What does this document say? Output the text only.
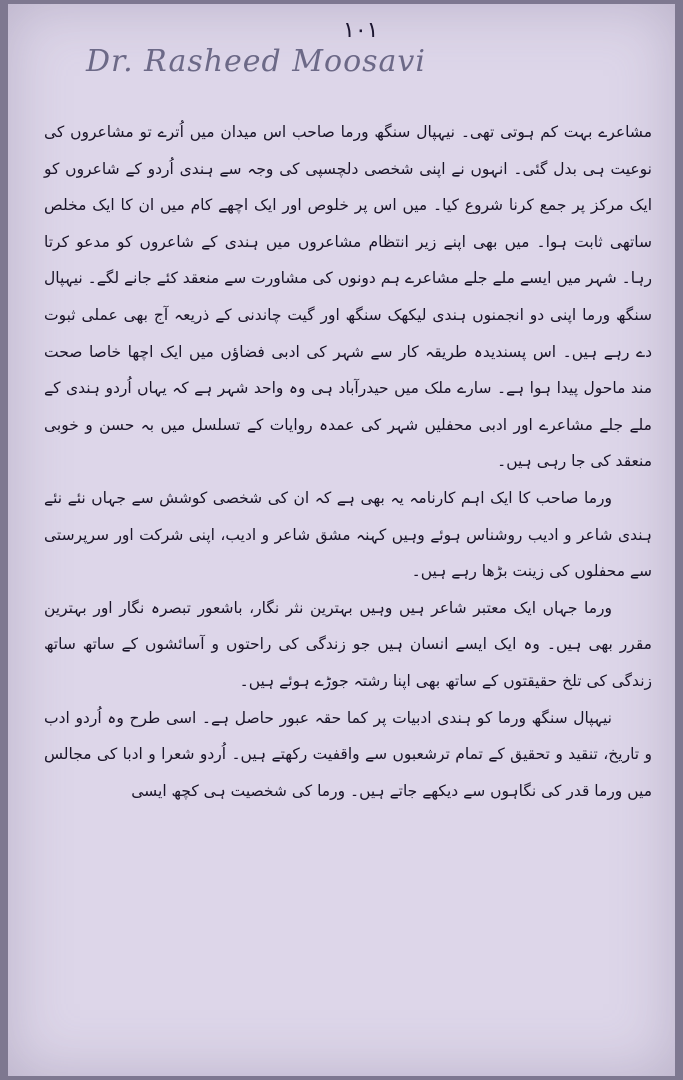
۱۰۱
Dr. Rasheed Moosavi

مشاعرے بہت کم ہوتی تھی۔ نیہپال سنگھ ورما صاحب اس میدان میں اُترے تو مشاعروں کی نوعیت ہی بدل گئی۔ انہوں نے اپنی شخصی دلچسپی کی وجہ سے ہندی اُردو کے شاعروں کو ایک مرکز پر جمع کرنا شروع کیا۔ میں اس پر خلوص اور ایک اچھے کام میں ان کا ایک مخلص ساتھی ثابت ہوا۔ میں بھی اپنے زیر انتظام مشاعروں میں ہندی کے شاعروں کو مدعو کرتا رہا۔ شہر میں ایسے ملے جلے مشاعرے ہم دونوں کی مشاورت سے منعقد کئے جانے لگے۔ نیہپال سنگھ ورما اپنی دو انجمنوں ہندی لیکھک سنگھ اور گیت چاندنی کے ذریعہ آج بھی عملی ثبوت دے رہے ہیں۔ اس پسندیدہ طریقہ کار سے شہر کی ادبی فضاؤں میں ایک اچھا خاصا صحت مند ماحول پیدا ہوا ہے۔ سارے ملک میں حیدرآباد ہی وہ واحد شہر ہے کہ یہاں اُردو ہندی کے ملے جلے مشاعرے اور ادبی محفلیں شہر کی عمدہ روایات کے تسلسل میں بہ حسن و خوبی منعقد کی جا رہی ہیں۔

ورما صاحب کا ایک اہم کارنامہ یہ بھی ہے کہ ان کی شخصی کوشش سے جہاں نئے نئے ہندی شاعر و ادیب روشناس ہوئے وہیں کہنہ مشق شاعر و ادیب، اپنی شرکت اور سرپرستی سے محفلوں کی زینت بڑھا رہے ہیں۔

ورما جہاں ایک معتبر شاعر ہیں وہیں بہترین نثر نگار، باشعور تبصرہ نگار اور بہترین مقرر بھی ہیں۔ وہ ایک ایسے انسان ہیں جو زندگی کی راحتوں و آسائشوں کے ساتھ ساتھ زندگی کی تلخ حقیقتوں کے ساتھ بھی اپنا رشتہ جوڑے ہوئے ہیں۔

نیہپال سنگھ ورما کو ہندی ادبیات پر کما حقہ عبور حاصل ہے۔ اسی طرح وہ اُردو ادب و تاریخ، تنقید و تحقیق کے تمام ترشعبوں سے واقفیت رکھتے ہیں۔ اُردو شعرا و ادبا کی مجالس میں ورما قدر کی نگاہوں سے دیکھے جاتے ہیں۔ ورما کی شخصیت ہی کچھ ایسی
